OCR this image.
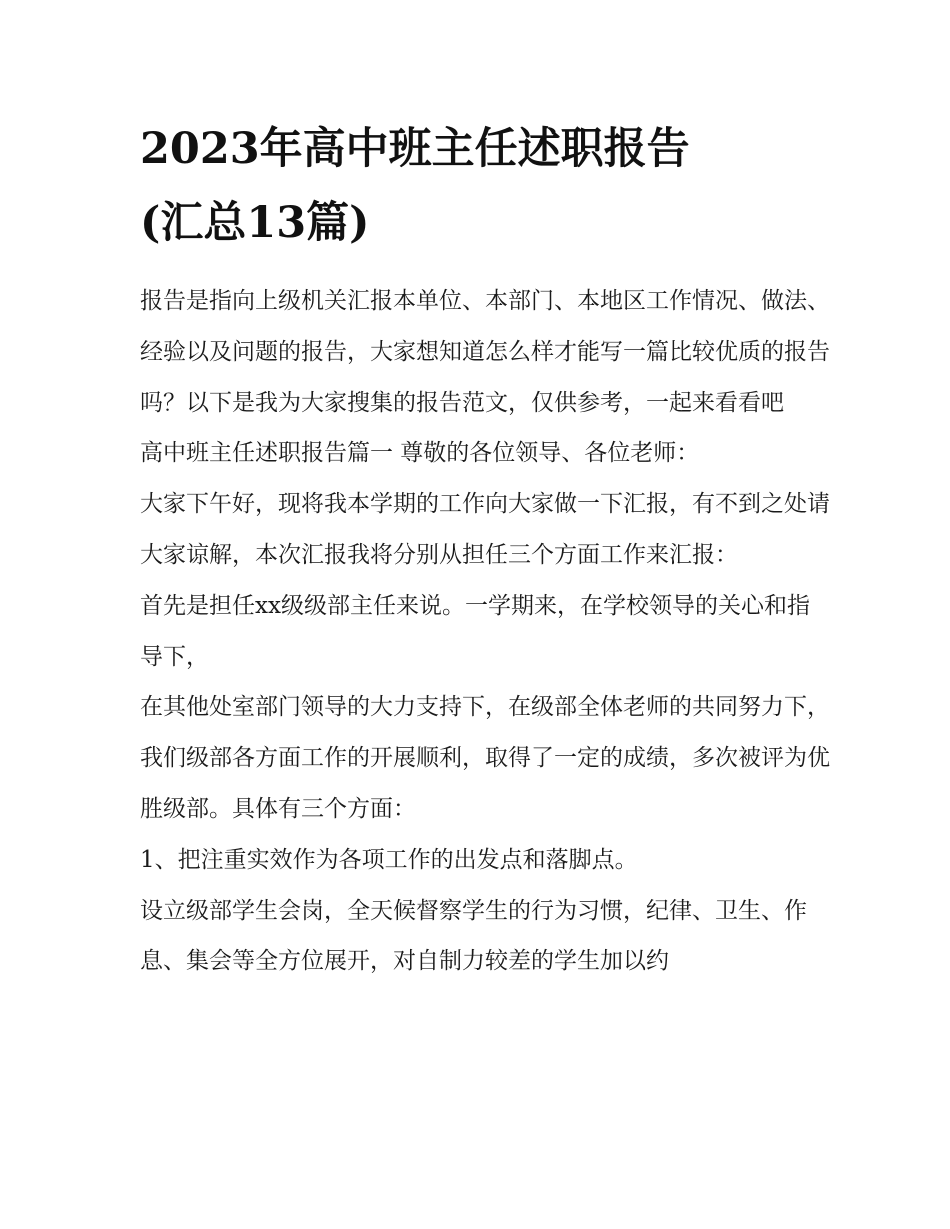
2023年高中班主任述职报告
(汇总13篇)

报告是指向上级机关汇报本单位、本部门、本地区工作情况、做法、经验以及问题的报告，大家想知道怎么样才能写一篇比较优质的报告吗？以下是我为大家搜集的报告范文，仅供参考，一起来看看吧

高中班主任述职报告篇一 尊敬的各位领导、各位老师：

大家下午好，现将我本学期的工作向大家做一下汇报，有不到之处请大家谅解，本次汇报我将分别从担任三个方面工作来汇报：

首先是担任xx级级部主任来说。一学期来，在学校领导的关心和指导下，

在其他处室部门领导的大力支持下，在级部全体老师的共同努力下，我们级部各方面工作的开展顺利，取得了一定的成绩，多次被评为优胜级部。具体有三个方面：

1、把注重实效作为各项工作的出发点和落脚点。

设立级部学生会岗，全天候督察学生的行为习惯，纪律、卫生、作息、集会等全方位展开，对自制力较差的学生加以约
